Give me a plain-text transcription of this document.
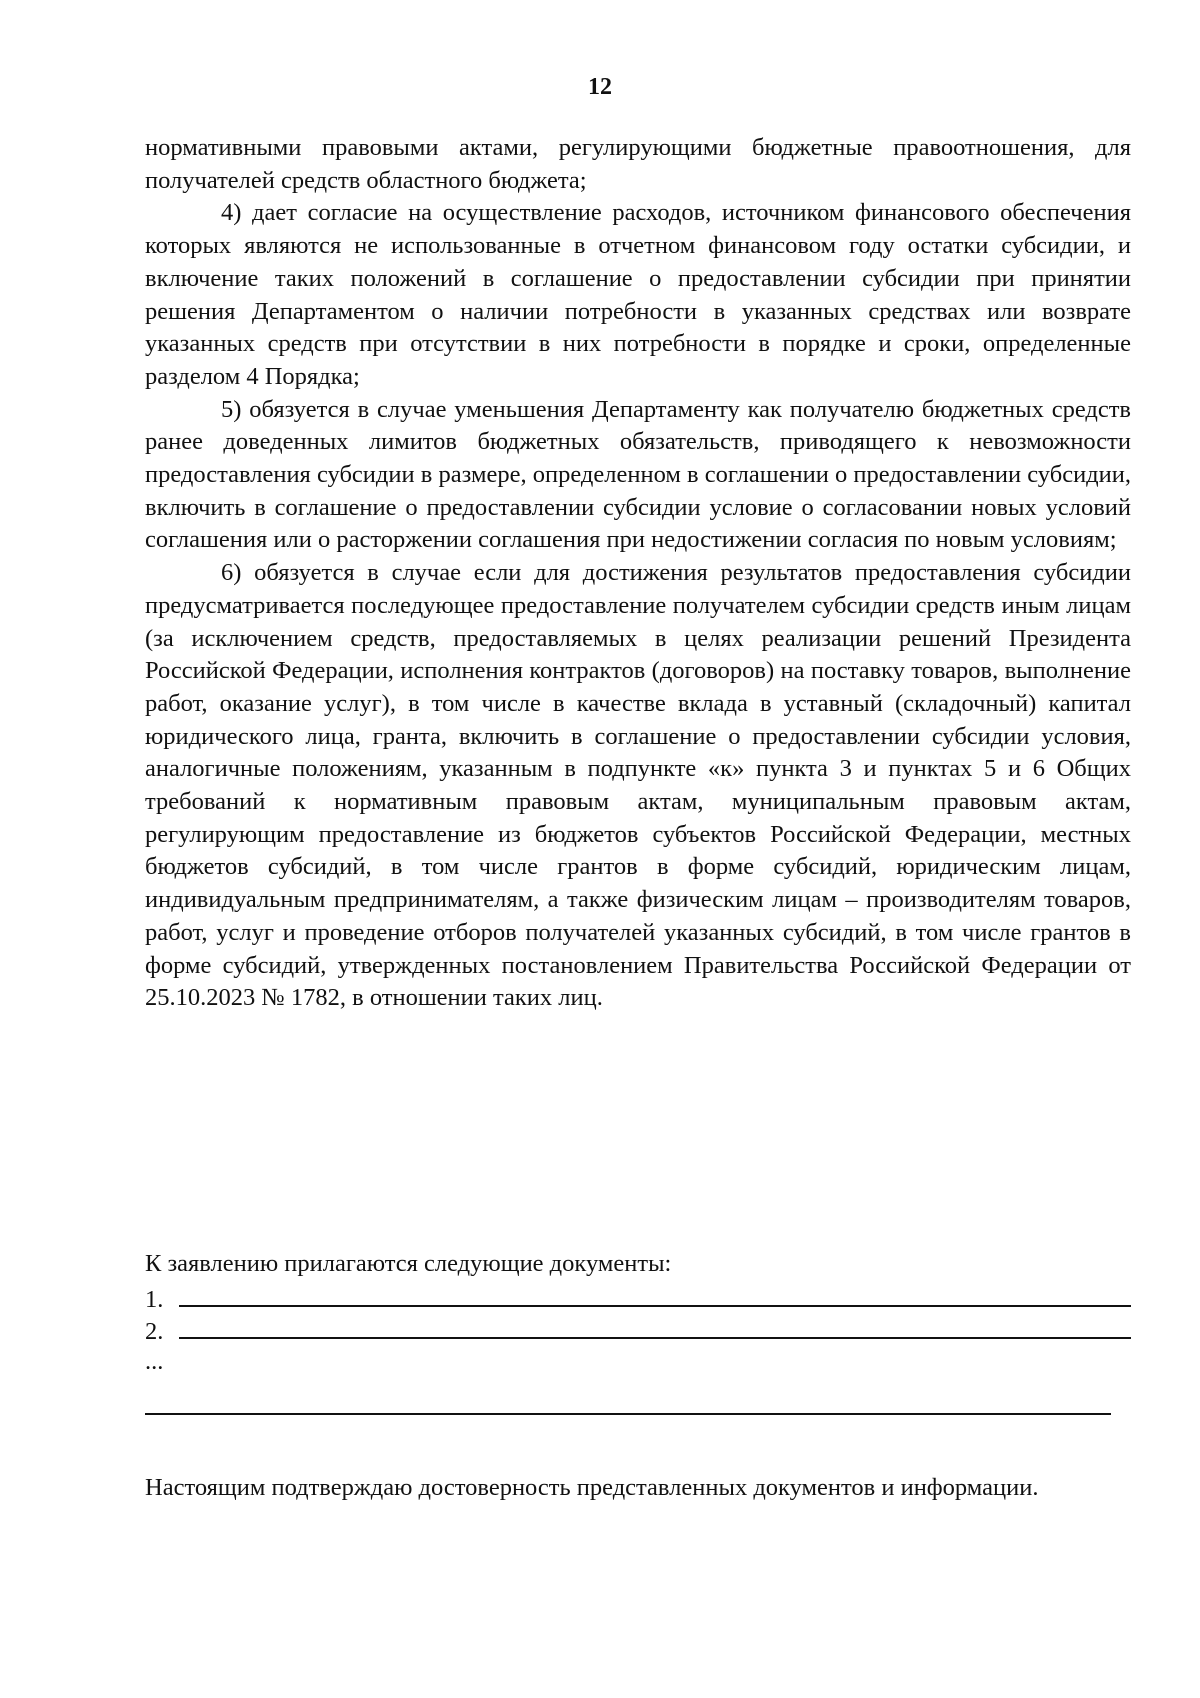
12

нормативными правовыми актами, регулирующими бюджетные правоотношения, для получателей средств областного бюджета;

4) дает согласие на осуществление расходов, источником финансового обеспечения которых являются не использованные в отчетном финансовом году остатки субсидии, и включение таких положений в соглашение о предоставлении субсидии при принятии решения Департаментом о наличии потребности в указанных средствах или возврате указанных средств при отсутствии в них потребности в порядке и сроки, определенные разделом 4 Порядка;

5) обязуется в случае уменьшения Департаменту как получателю бюджетных средств ранее доведенных лимитов бюджетных обязательств, приводящего к невозможности предоставления субсидии в размере, определенном в соглашении о предоставлении субсидии, включить в соглашение о предоставлении субсидии условие о согласовании новых условий соглашения или о расторжении соглашения при недостижении согласия по новым условиям;

6) обязуется в случае если для достижения результатов предоставления субсидии предусматривается последующее предоставление получателем субсидии средств иным лицам (за исключением средств, предоставляемых в целях реализации решений Президента Российской Федерации, исполнения контрактов (договоров) на поставку товаров, выполнение работ, оказание услуг), в том числе в качестве вклада в уставный (складочный) капитал юридического лица, гранта, включить в соглашение о предоставлении субсидии условия, аналогичные положениям, указанным в подпункте «к» пункта 3 и пунктах 5 и 6 Общих требований к нормативным правовым актам, муниципальным правовым актам, регулирующим предоставление из бюджетов субъектов Российской Федерации, местных бюджетов субсидий, в том числе грантов в форме субсидий, юридическим лицам, индивидуальным предпринимателям, а также физическим лицам – производителям товаров, работ, услуг и проведение отборов получателей указанных субсидий, в том числе грантов в форме субсидий, утвержденных постановлением Правительства Российской Федерации от 25.10.2023 № 1782, в отношении таких лиц.

К заявлению прилагаются следующие документы:
1.
2.
...

Настоящим подтверждаю достоверность представленных документов и информации.
